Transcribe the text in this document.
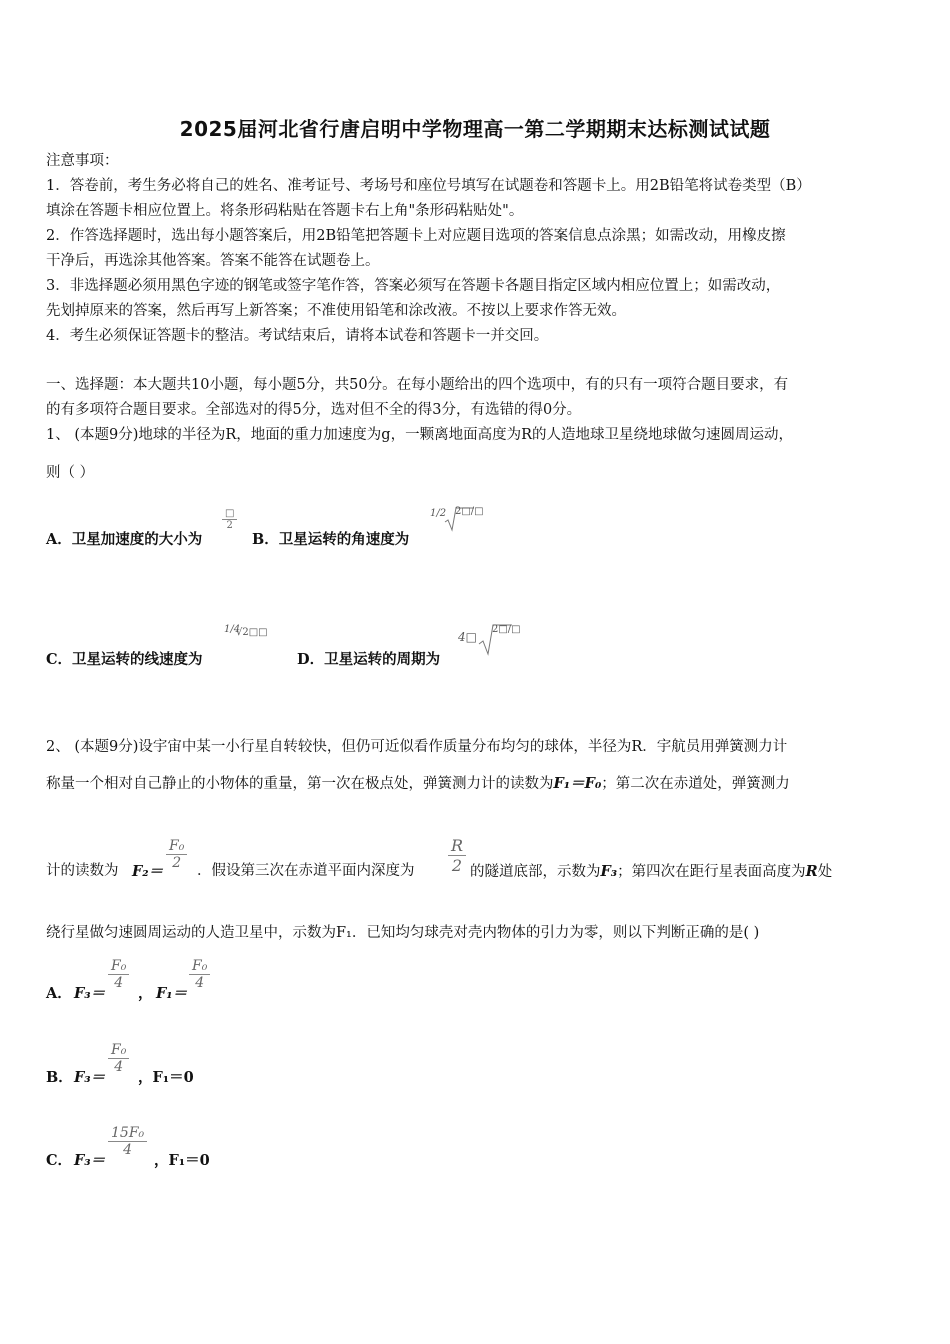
2025届河北省行唐启明中学物理高一第二学期期末达标测试试题
注意事项：
1．答卷前，考生务必将自己的姓名、准考证号、考场号和座位号填写在试题卷和答题卡上。用2B铅笔将试卷类型（B）
填涂在答题卡相应位置上。将条形码粘贴在答题卡右上角"条形码粘贴处"。
2．作答选择题时，选出每小题答案后，用2B铅笔把答题卡上对应题目选项的答案信息点涂黑；如需改动，用橡皮擦
干净后，再选涂其他答案。答案不能答在试题卷上。
3．非选择题必须用黑色字迹的钢笔或签字笔作答，答案必须写在答题卡各题目指定区域内相应位置上；如需改动，
先划掉原来的答案，然后再写上新答案；不准使用铅笔和涂改液。不按以上要求作答无效。
4．考生必须保证答题卡的整洁。考试结束后，请将本试卷和答题卡一并交回。
一、选择题：本大题共10小题，每小题5分，共50分。在每小题给出的四个选项中，有的只有一项符合题目要求，有
的有多项符合题目要求。全部选对的得5分，选对但不全的得3分，有选错的得0分。
1、 (本题9分)地球的半径为R，地面的重力加速度为g，一颗离地面高度为R的人造地球卫星绕地球做匀速圆周运动，
则（ ）
A．卫星加速度的大小为
□
2
B．卫星运转的角速度为
1/2 2□/□
C．卫星运转的线速度为
1/4
√2□□
D．卫星运转的周期为
4□
2□/□
2、 (本题9分)设宇宙中某一小行星自转较快，但仍可近似看作质量分布均匀的球体，半径为R．宇航员用弹簧测力计
称量一个相对自己静止的小物体的重量，第一次在极点处，弹簧测力计的读数为F₁＝F₀；第二次在赤道处，弹簧测力
计的读数为 F₂＝
$\frac{\text{F₀}}{2}$ ．假设第三次在赤道平面内深度为 $\frac{R}{2}$ 的隧道底部，示数为F₃；第四次在距行星表面高度为R处
绕行星做匀速圆周运动的人造卫星中，示数为F₁．已知均匀球壳对壳内物体的引力为零，则以下判断正确的是( )
A． F₃＝
$\frac{\text{F₀}}{4}$
， F₁＝
$\frac{\text{F₀}}{4}$
B． F₃＝
$\frac{\text{F₀}}{4}$
，F₁＝0
C． F₃＝
$\frac{\text{15F₀}}{4}$
，F₁＝0
